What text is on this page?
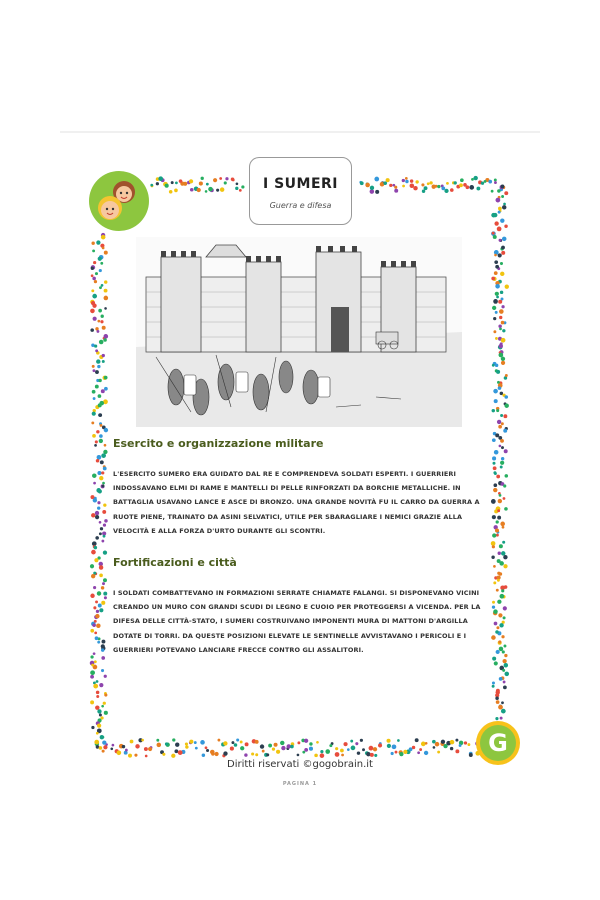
I SUMERI
Guerra e difesa
Esercito e organizzazione militare
L'ESERCITO SUMERO ERA GUIDATO DAL RE E COMPRENDEVA SOLDATI ESPERTI. I GUERRIERI INDOSSAVANO ELMI DI RAME E MANTELLI DI PELLE RINFORZATI DA BORCHIE METALLICHE. IN BATTAGLIA USAVANO LANCE E ASCE DI BRONZO. UNA GRANDE NOVITÀ FU IL CARRO DA GUERRA A RUOTE PIENE, TRAINATO DA ASINI SELVATICI, UTILE PER SBARAGLIARE I NEMICI GRAZIE ALLA VELOCITÀ E ALLA FORZA D'URTO DURANTE GLI SCONTRI.
Fortificazioni e città
I SOLDATI COMBATTEVANO IN FORMAZIONI SERRATE CHIAMATE FALANGI. SI DISPONEVANO VICINI CREANDO UN MURO CON GRANDI SCUDI DI LEGNO E CUOIO PER PROTEGGERSI A VICENDA. PER LA DIFESA DELLE CITTÀ-STATO, I SUMERI COSTRUIVANO IMPONENTI MURA DI MATTONI D'ARGILLA DOTATE DI TORRI. DA QUESTE POSIZIONI ELEVATE LE SENTINELLE AVVISTAVANO I PERICOLI E I GUERRIERI POTEVANO LANCIARE FRECCE CONTRO GLI ASSALITORI.
G
Diritti riservati ©gogobrain.it
PAGINA 1
